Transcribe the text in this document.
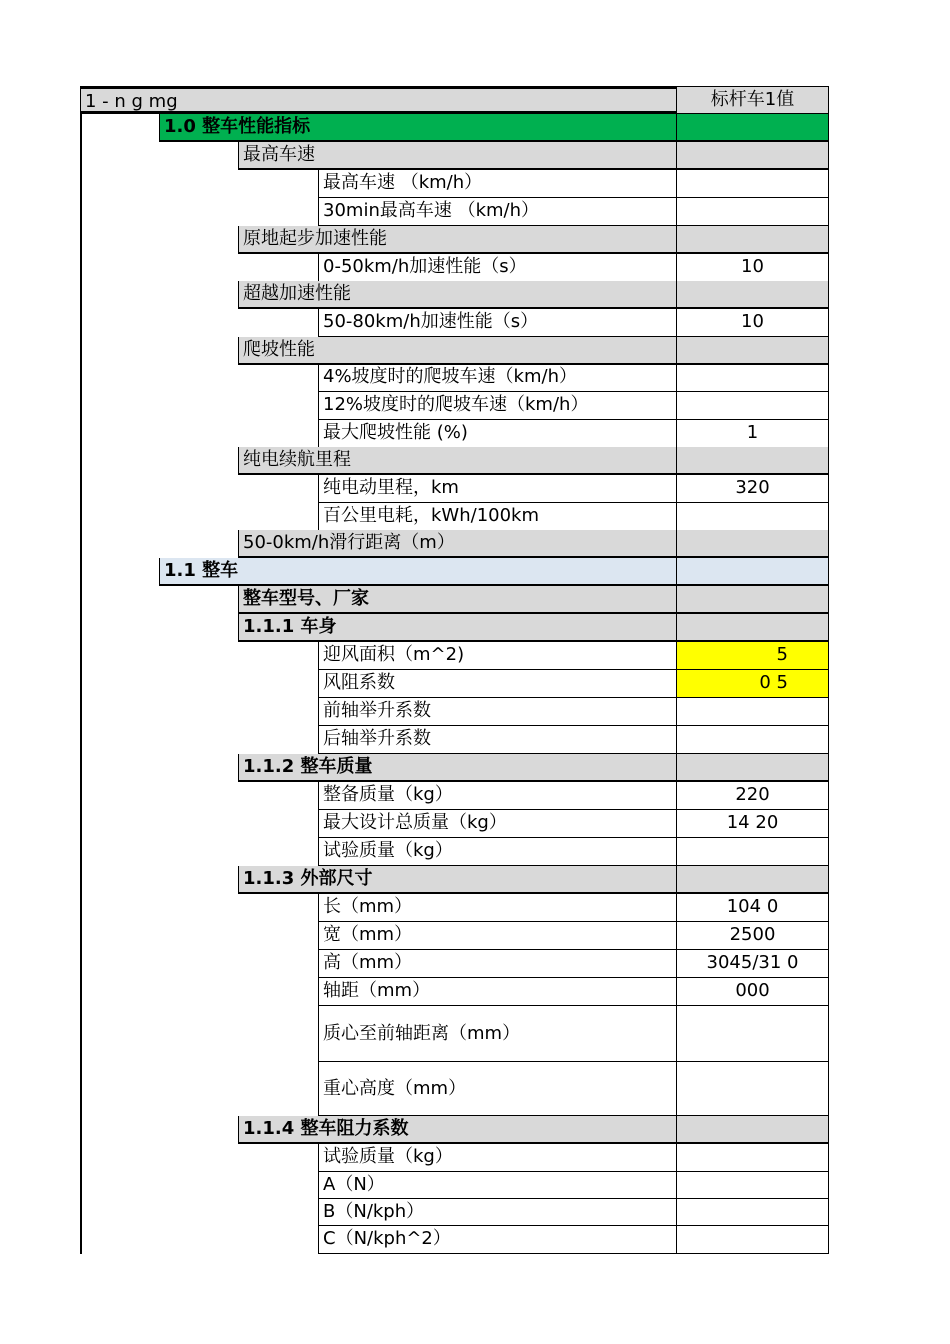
1 - n g mg	标杆车1值
1.0 整车性能指标
最高车速
最高车速 （km/h）
30min最高车速 （km/h）
原地起步加速性能
0-50km/h加速性能（s）	10
超越加速性能
50-80km/h加速性能（s）	10
爬坡性能
4%坡度时的爬坡车速（km/h）
12%坡度时的爬坡车速（km/h）
最大爬坡性能 (%)	1
纯电续航里程
纯电动里程，km	320
百公里电耗，kWh/100km
50-0km/h滑行距离（m）
1.1 整车
整车型号、厂家
1.1.1 车身
迎风面积（m^2)	5
风阻系数	0 5
前轴举升系数
后轴举升系数
1.1.2 整车质量
整备质量（kg）	220
最大设计总质量（kg）	14 20
试验质量（kg）
1.1.3 外部尺寸
长（mm）	104 0
宽（mm）	2500
高（mm）	3045/31 0
轴距（mm）	000
质心至前轴距离（mm）
重心高度（mm）
1.1.4 整车阻力系数
试验质量（kg）
A（N）
B（N/kph）
C（N/kph^2）
